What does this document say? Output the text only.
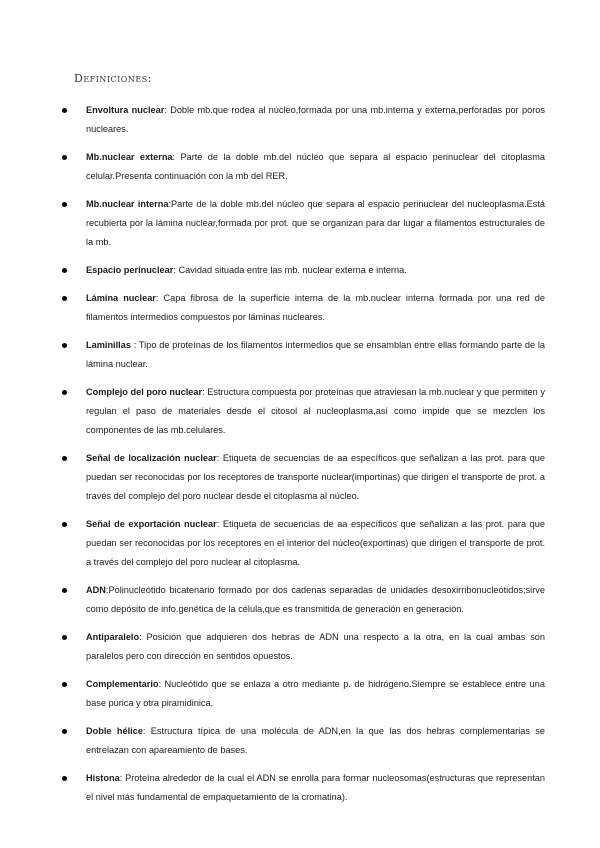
Definiciones:
Envoltura nuclear: Doble mb.que rodea al núcleo,formada por una mb.interna y externa,perforadas por poros nucleares.
Mb.nuclear externa: Parte de la doble mb.del núcleo que separa al espacio perinuclear del citoplasma celular.Presenta continuación con la mb del RER.
Mb.nuclear interna:Parte de la doble mb.del núcleo que separa al espacio perinuclear del nucleoplasma.Está recubierta por la lámina nuclear,formada por prot. que se organizan para dar lugar a filamentos estructurales de la mb.
Espacio perinuclear: Cavidad situada entre las mb. nuclear externa e interna.
Lámina nuclear: Capa fibrosa de la superficie interna de la mb.nuclear interna formada por una red de filamentos intermedios compuestos por láminas nucleares.
Laminillas : Tipo de proteínas de los filamentos intermedios que se ensamblan entre ellas formando parte de la lámina nuclear.
Complejo del poro nuclear: Estructura compuesta por proteínas que atraviesan la mb.nuclear y que permiten y regulan el paso de materiales desde el citosol al nucleoplasma,así como impide que se mezclen los componentes de las mb.celulares.
Señal de localización nuclear: Etiqueta de secuencias de aa específicos que señalizan a las prot. para que puedan ser reconocidas por los receptores de transporte nuclear(importinas) que dirigen el transporte de prot. a través del complejo del poro nuclear desde el citoplasma al núcleo.
Señal de exportación nuclear: Etiqueta de secuencias de aa específicos que señalizan a las prot. para que puedan ser reconocidas por los receptores en el interior del núcleo(exportinas) que dirigen el transporte de prot. a través del complejo del poro nuclear al citoplasma.
ADN:Polinucleótido bicatenario formado por dos cadenas separadas de unidades desoxirribonucleótidos;sirve como depósito de info.genética de la célula,que es transmitida de generación en generación.
Antiparalelo: Posición que adquieren dos hebras de ADN una respecto a la otra, en la cual ambas son paralelos pero con dirección en sentidos opuestos.
Complementario: Nucleótido que se enlaza a otro mediante p. de hidrógeno.Siempre se establece entre una base púrica y otra piramidinica.
Doble hélice: Estructura típica de una molécula de ADN,en la que las dos hebras complementarias se entrelazan con apareamiento de bases.
Histona: Proteína alrededor de la cual el ADN se enrolla para formar nucleosomas(estructuras que representan el nivel más fundamental de empaquetamiento de la cromatina).
